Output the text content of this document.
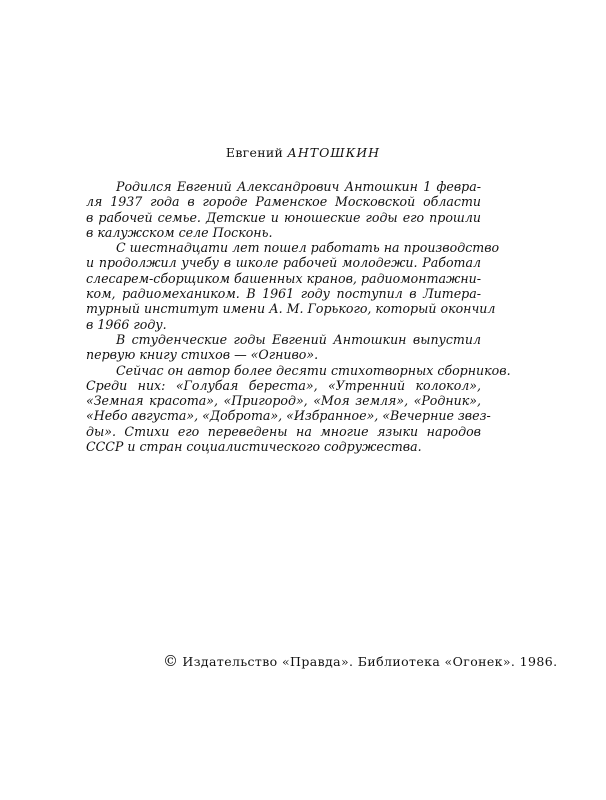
Евгений АНТОШКИН
Родился Евгений Александрович Антошкин 1 февра-
ля 1937 года в городе Раменское Московской области
в рабочей семье. Детские и юношеские годы его прошли
в калужском селе Посконь.
С шестнадцати лет пошел работать на производство
и продолжил учебу в школе рабочей молодежи. Работал
слесарем-сборщиком башенных кранов, радиомонтажни-
ком, радиомехаником. В 1961 году поступил в Литера-
турный институт имени А. М. Горького, который окончил
в 1966 году.
В студенческие годы Евгений Антошкин выпустил
первую книгу стихов — «Огниво».
Сейчас он автор более десяти стихотворных сборников.
Среди них: «Голубая береста», «Утренний колокол»,
«Земная красота», «Пригород», «Моя земля», «Родник»,
«Небо августа», «Доброта», «Избранное», «Вечерние звез-
ды». Стихи его переведены на многие языки народов
СССР и стран социалистического содружества.
© Издательство «Правда». Библиотека «Огонек». 1986.
